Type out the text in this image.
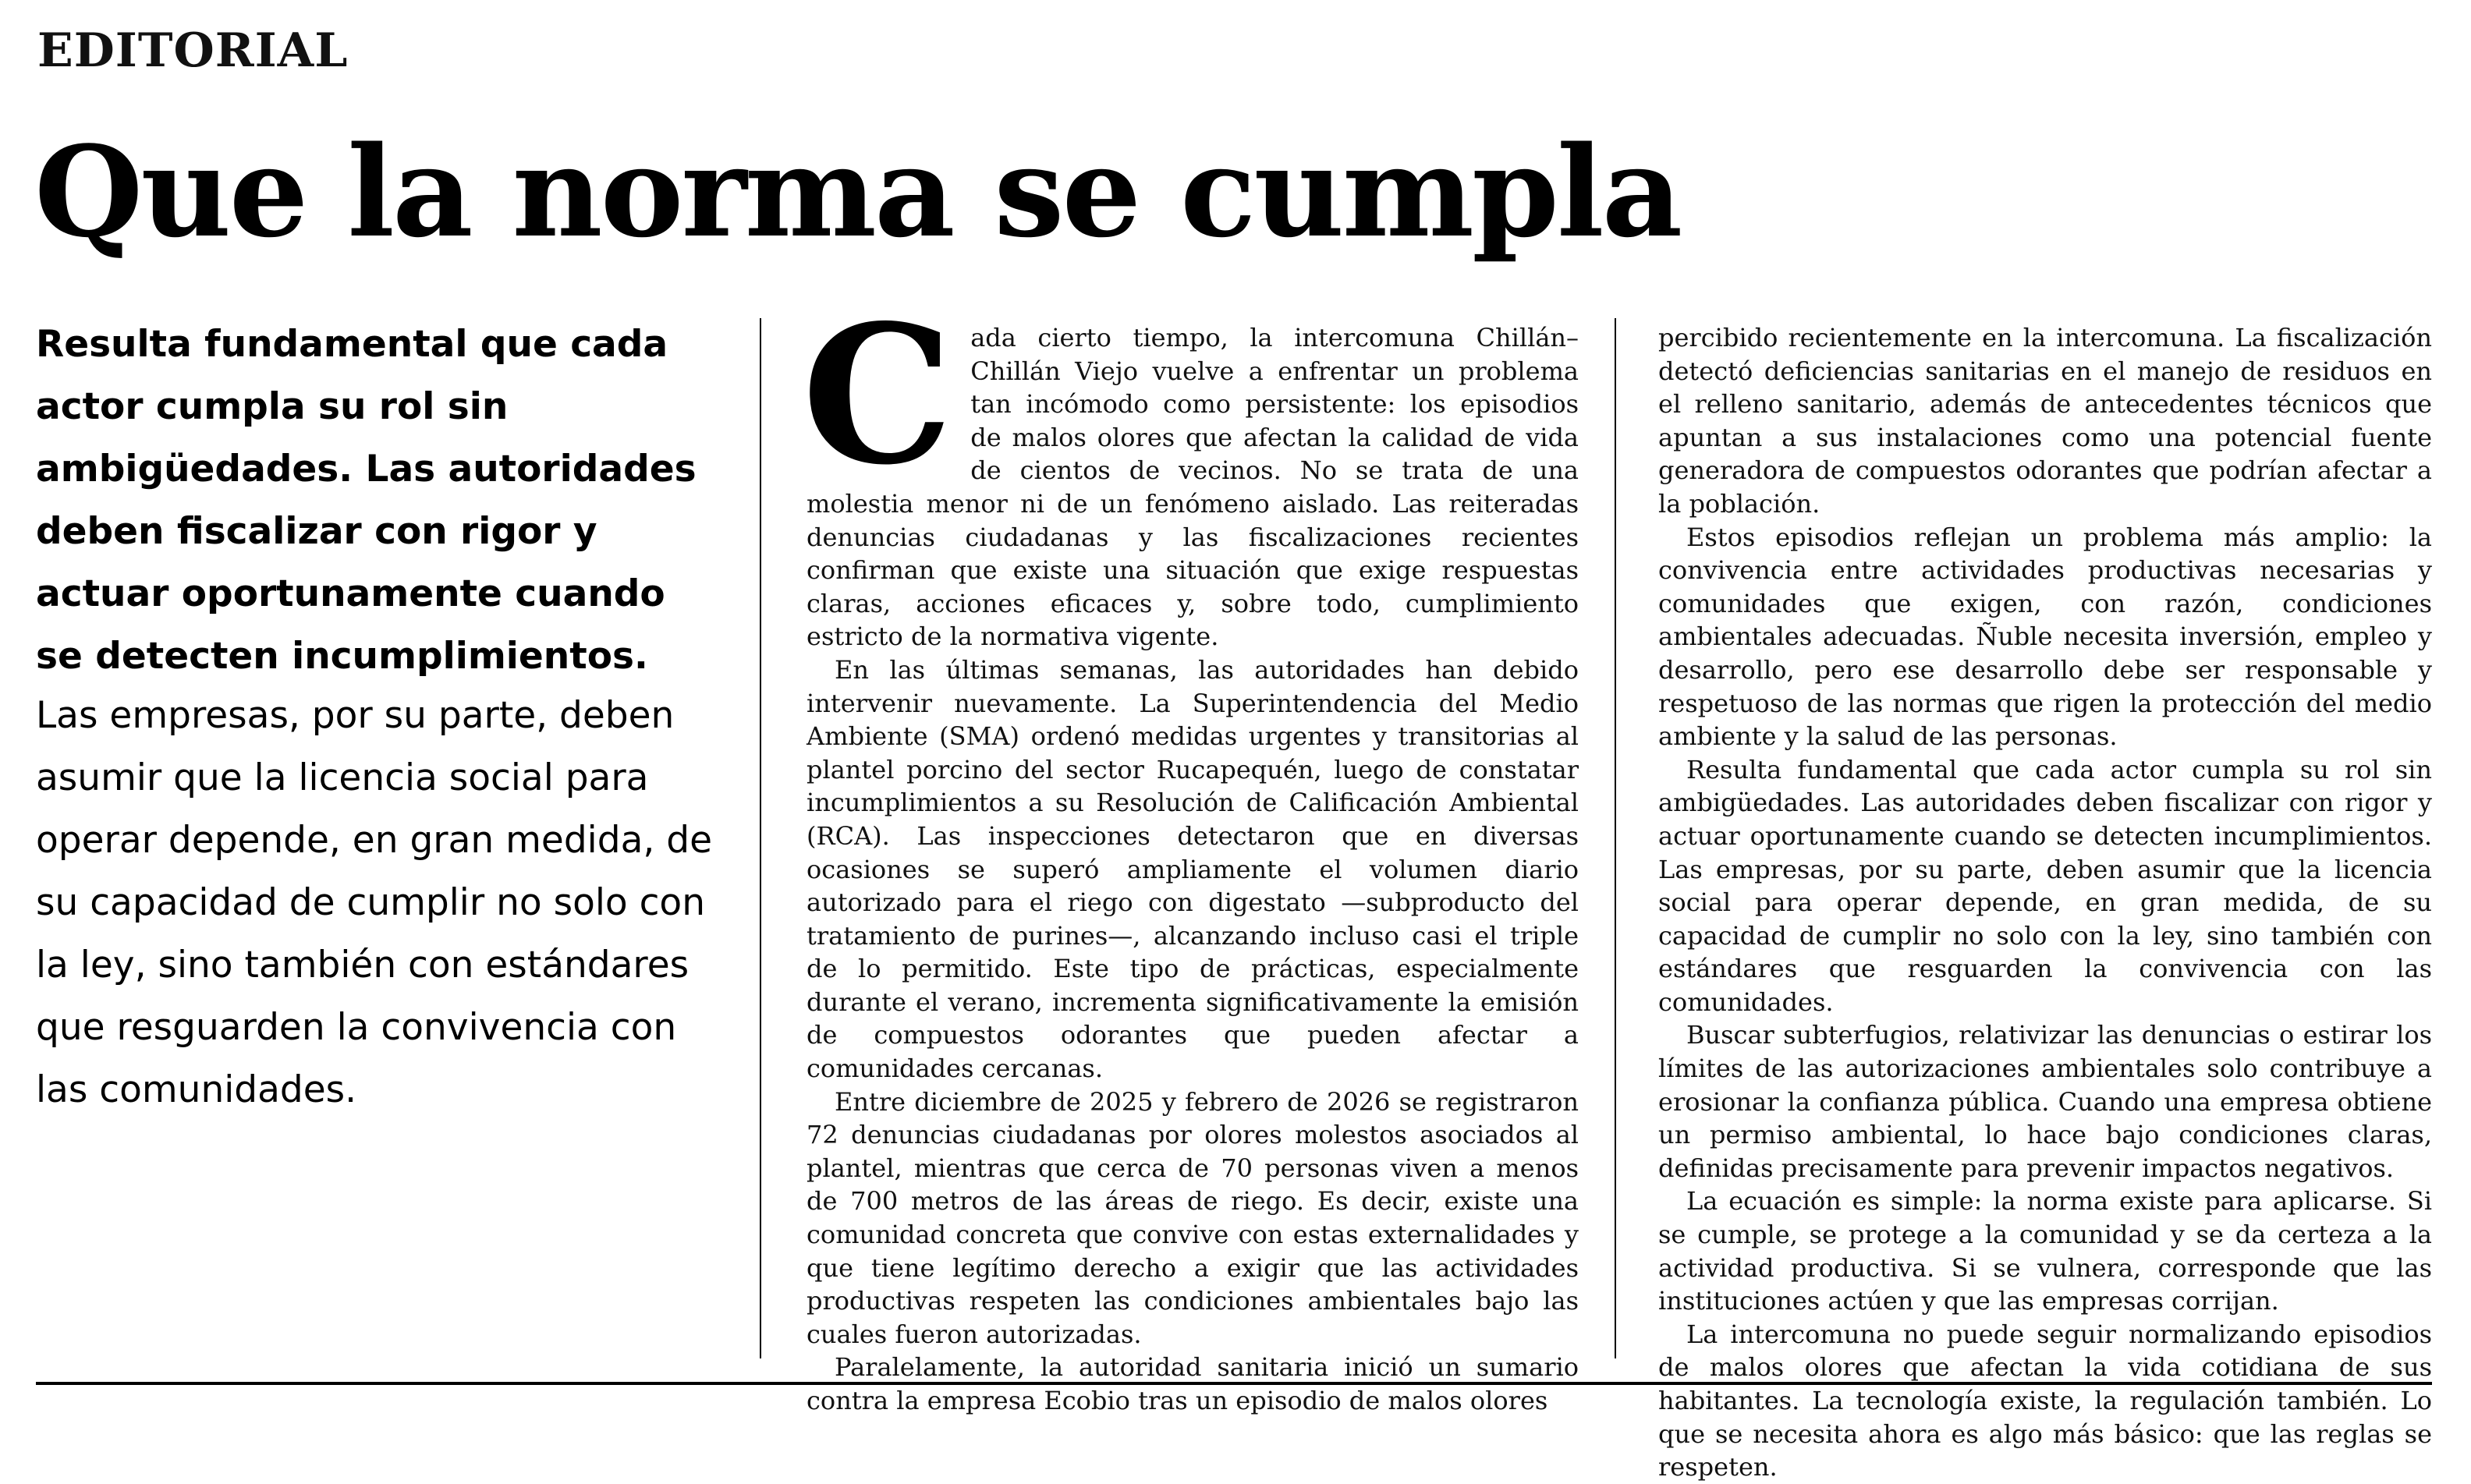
EDITORIAL
Que la norma se cumpla

Resulta fundamental que cada actor cumpla su rol sin ambigüedades. Las autoridades deben fiscalizar con rigor y actuar oportunamente cuando se detecten incumplimientos.

Las empresas, por su parte, deben asumir que la licencia social para operar depende, en gran medida, de su capacidad de cumplir no solo con la ley, sino también con estándares que resguarden la convivencia con las comunidades.

C ada cierto tiempo, la intercomuna Chillán–Chillán Viejo vuelve a enfrentar un problema tan incómodo como persistente: los episodios de malos olores que afectan la calidad de vida de cientos de vecinos. No se trata de una molestia menor ni de un fenómeno aislado. Las reiteradas denuncias ciudadanas y las fiscalizaciones recientes confirman que existe una situación que exige respuestas claras, acciones eficaces y, sobre todo, cumplimiento estricto de la normativa vigente.

En las últimas semanas, las autoridades han debido intervenir nuevamente. La Superintendencia del Medio Ambiente (SMA) ordenó medidas urgentes y transitorias al plantel porcino del sector Rucapequén, luego de constatar incumplimientos a su Resolución de Calificación Ambiental (RCA). Las inspecciones detectaron que en diversas ocasiones se superó ampliamente el volumen diario autorizado para el riego con digestato —subproducto del tratamiento de purines—, alcanzando incluso casi el triple de lo permitido. Este tipo de prácticas, especialmente durante el verano, incrementa significativamente la emisión de compuestos odorantes que pueden afectar a comunidades cercanas.

Entre diciembre de 2025 y febrero de 2026 se registraron 72 denuncias ciudadanas por olores molestos asociados al plantel, mientras que cerca de 70 personas viven a menos de 700 metros de las áreas de riego. Es decir, existe una comunidad concreta que convive con estas externalidades y que tiene legítimo derecho a exigir que las actividades productivas respeten las condiciones ambientales bajo las cuales fueron autorizadas.

Paralelamente, la autoridad sanitaria inició un sumario contra la empresa Ecobio tras un episodio de malos olores

percibido recientemente en la intercomuna. La fiscalización detectó deficiencias sanitarias en el manejo de residuos en el relleno sanitario, además de antecedentes técnicos que apuntan a sus instalaciones como una potencial fuente generadora de compuestos odorantes que podrían afectar a la población.

Estos episodios reflejan un problema más amplio: la convivencia entre actividades productivas necesarias y comunidades que exigen, con razón, condiciones ambientales adecuadas. Ñuble necesita inversión, empleo y desarrollo, pero ese desarrollo debe ser responsable y respetuoso de las normas que rigen la protección del medio ambiente y la salud de las personas.

Resulta fundamental que cada actor cumpla su rol sin ambigüedades. Las autoridades deben fiscalizar con rigor y actuar oportunamente cuando se detecten incumplimientos. Las empresas, por su parte, deben asumir que la licencia social para operar depende, en gran medida, de su capacidad de cumplir no solo con la ley, sino también con estándares que resguarden la convivencia con las comunidades.

Buscar subterfugios, relativizar las denuncias o estirar los límites de las autorizaciones ambientales solo contribuye a erosionar la confianza pública. Cuando una empresa obtiene un permiso ambiental, lo hace bajo condiciones claras, definidas precisamente para prevenir impactos negativos.

La ecuación es simple: la norma existe para aplicarse. Si se cumple, se protege a la comunidad y se da certeza a la actividad productiva. Si se vulnera, corresponde que las instituciones actúen y que las empresas corrijan.

La intercomuna no puede seguir normalizando episodios de malos olores que afectan la vida cotidiana de sus habitantes. La tecnología existe, la regulación también. Lo que se necesita ahora es algo más básico: que las reglas se respeten.
